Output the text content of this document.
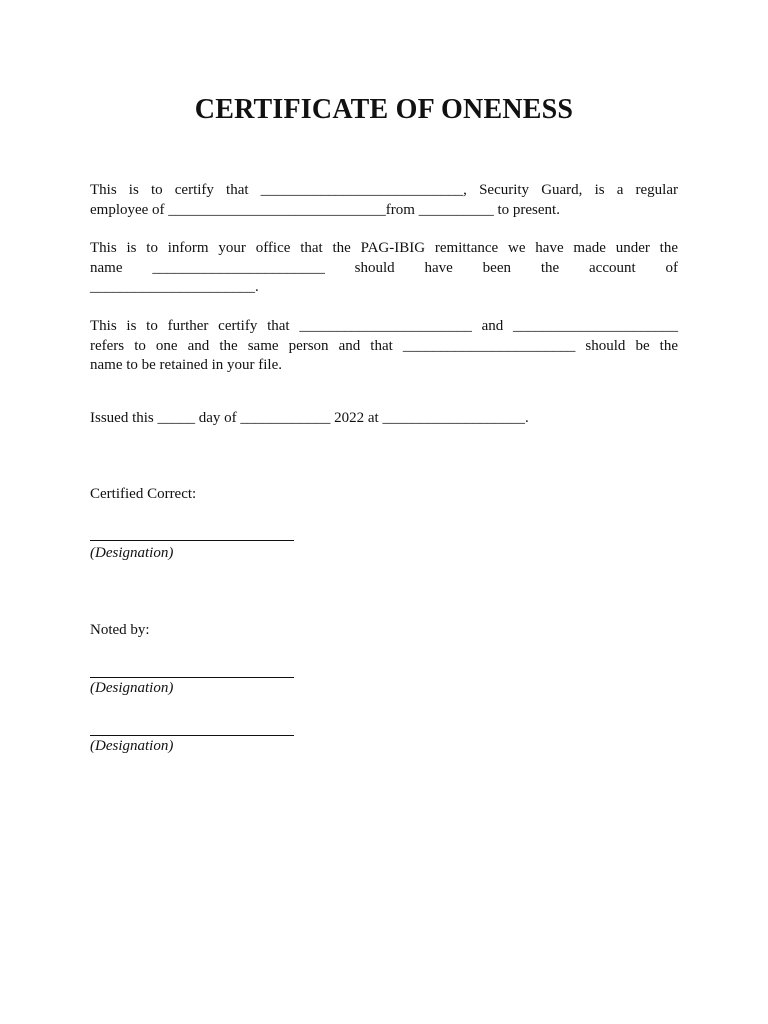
CERTIFICATE OF ONENESS
This is to certify that ___________________________, Security Guard, is a regular
employee of _____________________________from __________ to present.
This is to inform your office that the PAG-IBIG remittance we have made under the
name _______________________ should have been the account of
______________________.
This is to further certify that _______________________ and ______________________
refers to one and the same person and that _______________________ should be the
name to be retained in your file.
Issued this _____ day of ____________ 2022 at ___________________.
Certified Correct:
(Designation)
Noted by:
(Designation)
(Designation)
